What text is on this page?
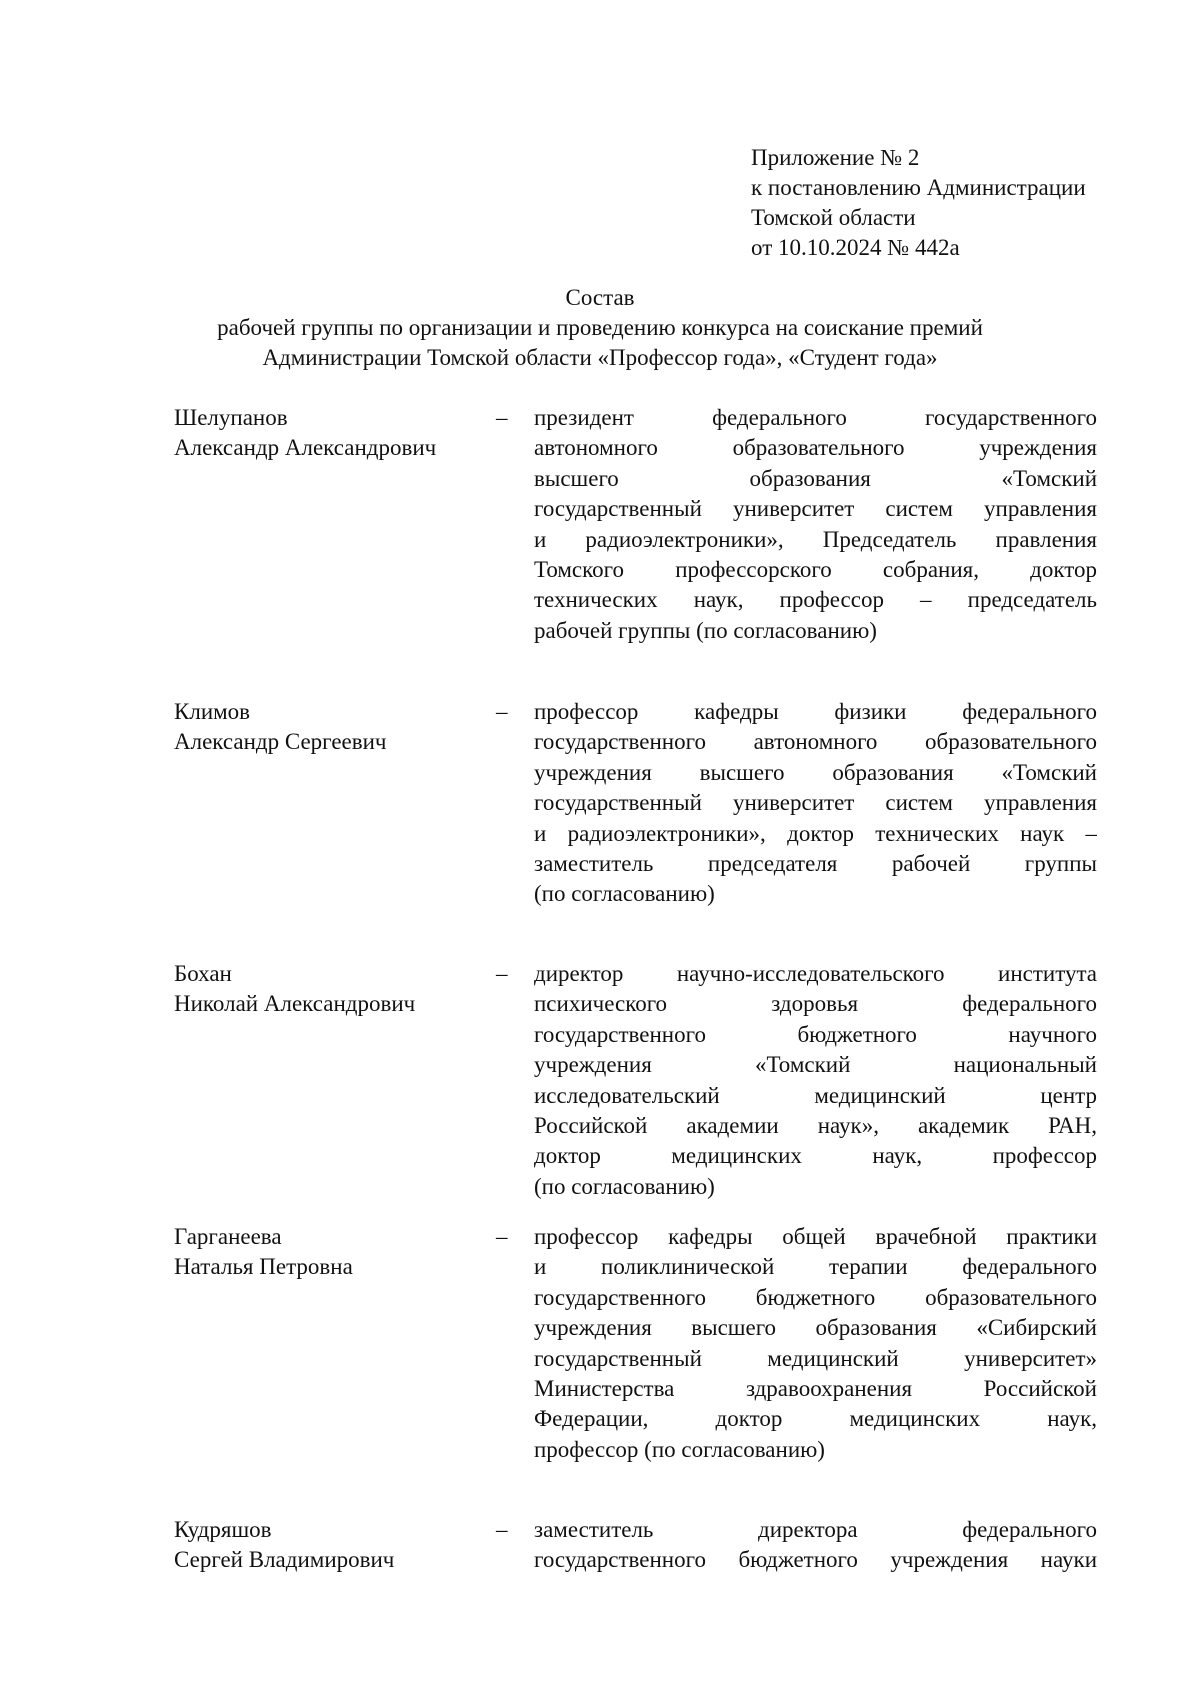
Приложение № 2
к постановлению Администрации
Томской области
от 10.10.2024 № 442а
Состав
рабочей группы по организации и проведению конкурса на соискание премий
Администрации Томской области «Профессор года», «Студент года»
Шелупанов
Александр Александрович
– президент федерального государственного
автономного образовательного учреждения
высшего образования «Томский
государственный университет систем управления
и радиоэлектроники», Председатель правления
Томского профессорского собрания, доктор
технических наук, профессор – председатель
рабочей группы (по согласованию)
Климов
Александр Сергеевич
– профессор кафедры физики федерального
государственного автономного образовательного
учреждения высшего образования «Томский
государственный университет систем управления
и радиоэлектроники», доктор технических наук –
заместитель председателя рабочей группы
(по согласованию)
Бохан
Николай Александрович
– директор научно-исследовательского института
психического здоровья федерального
государственного бюджетного научного
учреждения «Томский национальный
исследовательский медицинский центр
Российской академии наук», академик РАН,
доктор медицинских наук, профессор
(по согласованию)
Гарганеева
Наталья Петровна
– профессор кафедры общей врачебной практики
и поликлинической терапии федерального
государственного бюджетного образовательного
учреждения высшего образования «Сибирский
государственный медицинский университет»
Министерства здравоохранения Российской
Федерации, доктор медицинских наук,
профессор (по согласованию)
Кудряшов
Сергей Владимирович
– заместитель директора федерального
государственного бюджетного учреждения науки
